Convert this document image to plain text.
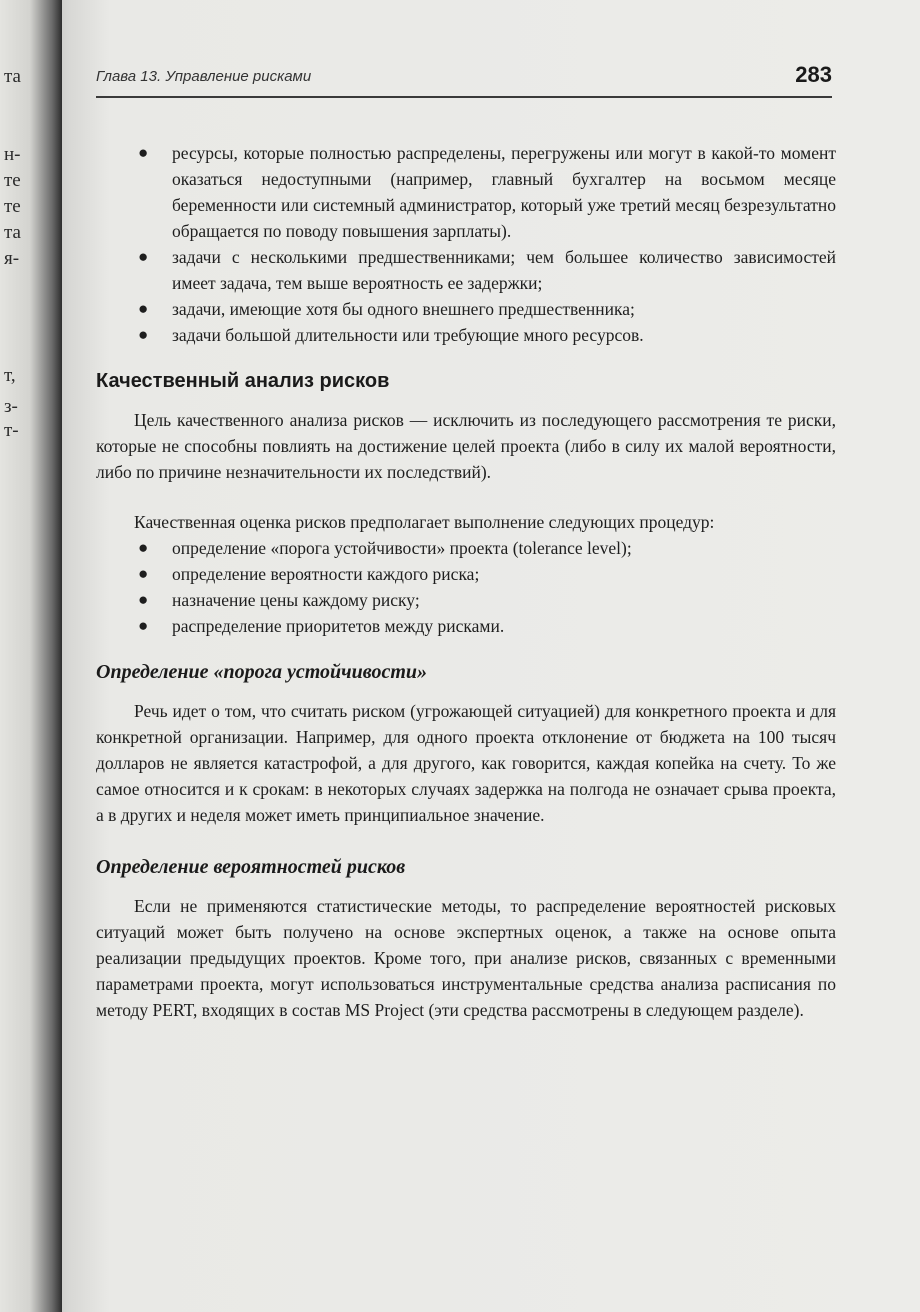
та
н-
те
те
та
я-
т,
з-
т-
Глава 13. Управление рисками	283
● ресурсы, которые полностью распределены, перегружены или могут в какой-то момент оказаться недоступными (например, главный бухгалтер на восьмом месяце беременности или системный администратор, который уже третий месяц безрезультатно обращается по поводу повышения зарплаты).
● задачи с несколькими предшественниками; чем большее количество зависимостей имеет задача, тем выше вероятность ее задержки;
● задачи, имеющие хотя бы одного внешнего предшественника;
● задачи большой длительности или требующие много ресурсов.
Качественный анализ рисков

Цель качественного анализа рисков — исключить из последующего рассмотрения те риски, которые не способны повлиять на достижение целей проекта (либо в силу их малой вероятности, либо по причине незначительности их последствий).

Качественная оценка рисков предполагает выполнение следующих процедур:

● определение «порога устойчивости» проекта (tolerance level);
● определение вероятности каждого риска;
● назначение цены каждому риску;
● распределение приоритетов между рисками.
Определение «порога устойчивости»

Речь идет о том, что считать риском (угрожающей ситуацией) для конкретного проекта и для конкретной организации. Например, для одного проекта отклонение от бюджета на 100 тысяч долларов не является катастрофой, а для другого, как говорится, каждая копейка на счету. То же самое относится и к срокам: в некоторых случаях задержка на полгода не означает срыва проекта, а в других и неделя может иметь принципиальное значение.

Определение вероятностей рисков

Если не применяются статистические методы, то распределение вероятностей рисковых ситуаций может быть получено на основе экспертных оценок, а также на основе опыта реализации предыдущих проектов. Кроме того, при анализе рисков, связанных с временными параметрами проекта, могут использоваться инструментальные средства анализа расписания по методу PERT, входящих в состав MS Project (эти средства рассмотрены в следующем разделе).
